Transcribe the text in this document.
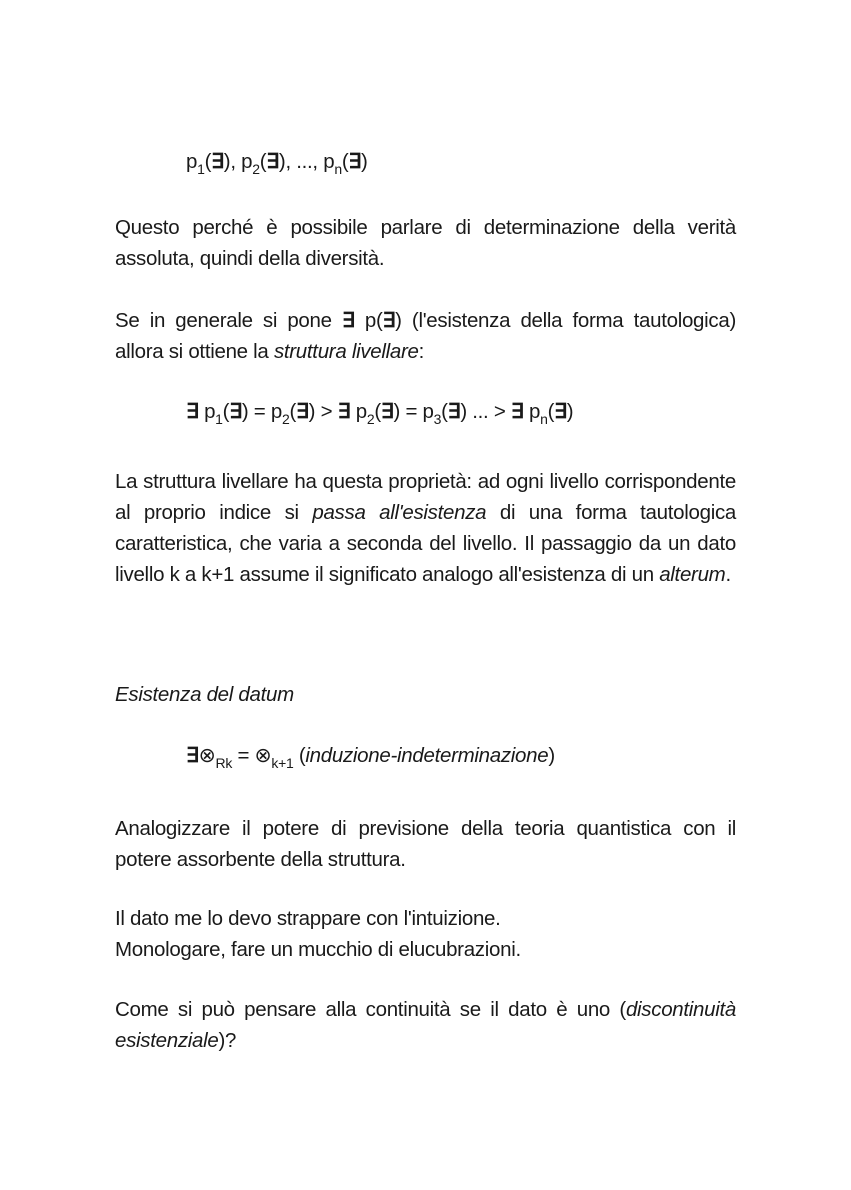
$p_1(\exists)$, $p_2(\exists)$, ..., $p_n(\exists)$
Questo perché è possibile parlare di determinazione della verità assoluta, quindi della diversità.
Se in generale si pone ∃ p(∃) (l'esistenza della forma tautologica) allora si ottiene la struttura livellare:
∃ $p_1(\exists)$ = $p_2(\exists)$ > ∃ $p_2(\exists)$ = $p_3(\exists)$ ... > ∃ $p_n(\exists)$
La struttura livellare ha questa proprietà: ad ogni livello corrispondente al proprio indice si passa all'esistenza di una forma tautologica caratteristica, che varia a seconda del livello. Il passaggio da un dato livello k a k+1 assume il significato analogo all'esistenza di un alterum.
Esistenza del datum
$\exists\otimes_{Rk}$ = $\otimes_{k+1}$ (induzione-indeterminazione)
Analogizzare il potere di previsione della teoria quantistica con il potere assorbente della struttura.
Il dato me lo devo strappare con l'intuizione.
Monologare, fare un mucchio di elucubrazioni.
Come si può pensare alla continuità se il dato è uno (discontinuità esistenziale)?
